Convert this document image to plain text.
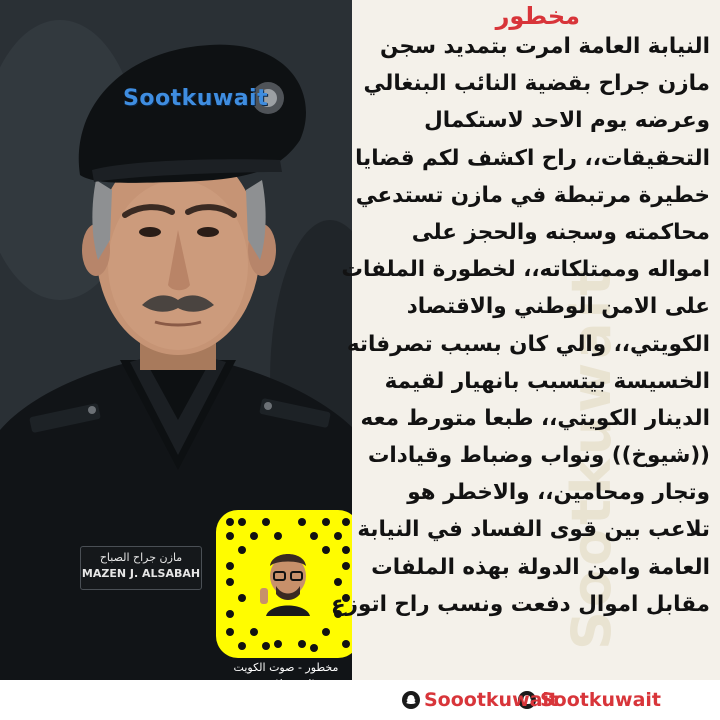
Sootkuwait
مازن جراح الصباح
MAZEN J. ALSABAH
مخطور - صوت الكويت
مخطور
النيابة العامة امرت بتمديد سجن
مازن جراح بقضية النائب البنغالي
وعرضه يوم الاحد لاستكمال
التحقيقات،، راح اكشف لكم قضايا
خطيرة مرتبطة في مازن تستدعي
محاكمته وسجنه والحجز على
امواله وممتلكاته،، لخطورة الملفات
على الامن الوطني والاقتصاد
الكويتي،، والي كان بسبب تصرفاته
الخسيسة بيتسبب بانهيار لقيمة
الدينار الكويتي،، طبعا متورط معه
((شيوخ)) ونواب وضباط وقيادات
وتجار ومحامين،، والاخطر هو
تلاعب بين قوى الفساد في النيابة
العامة وامن الدولة بهذه الملفات
مقابل اموال دفعت ونسب راح اتوزع
Sootkuwait
Soootkuwait
